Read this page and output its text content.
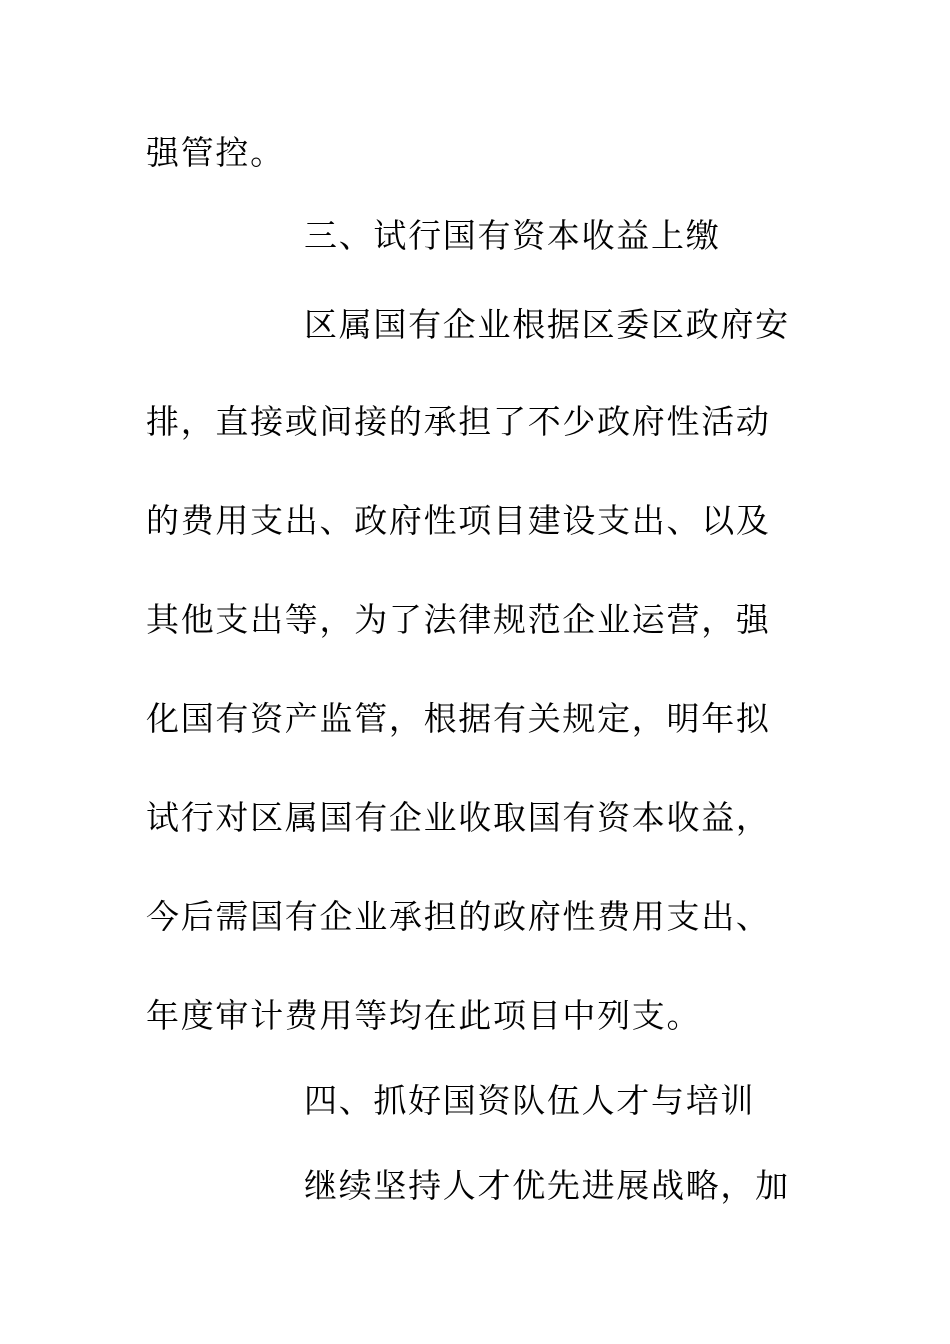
强管控。
三、试行国有资本收益上缴
区属国有企业根据区委区政府安
排，直接或间接的承担了不少政府性活动
的费用支出、政府性项目建设支出、以及
其他支出等，为了法律规范企业运营，强
化国有资产监管，根据有关规定，明年拟
试行对区属国有企业收取国有资本收益，
今后需国有企业承担的政府性费用支出、
年度审计费用等均在此项目中列支。
四、抓好国资队伍人才与培训
继续坚持人才优先进展战略，加
